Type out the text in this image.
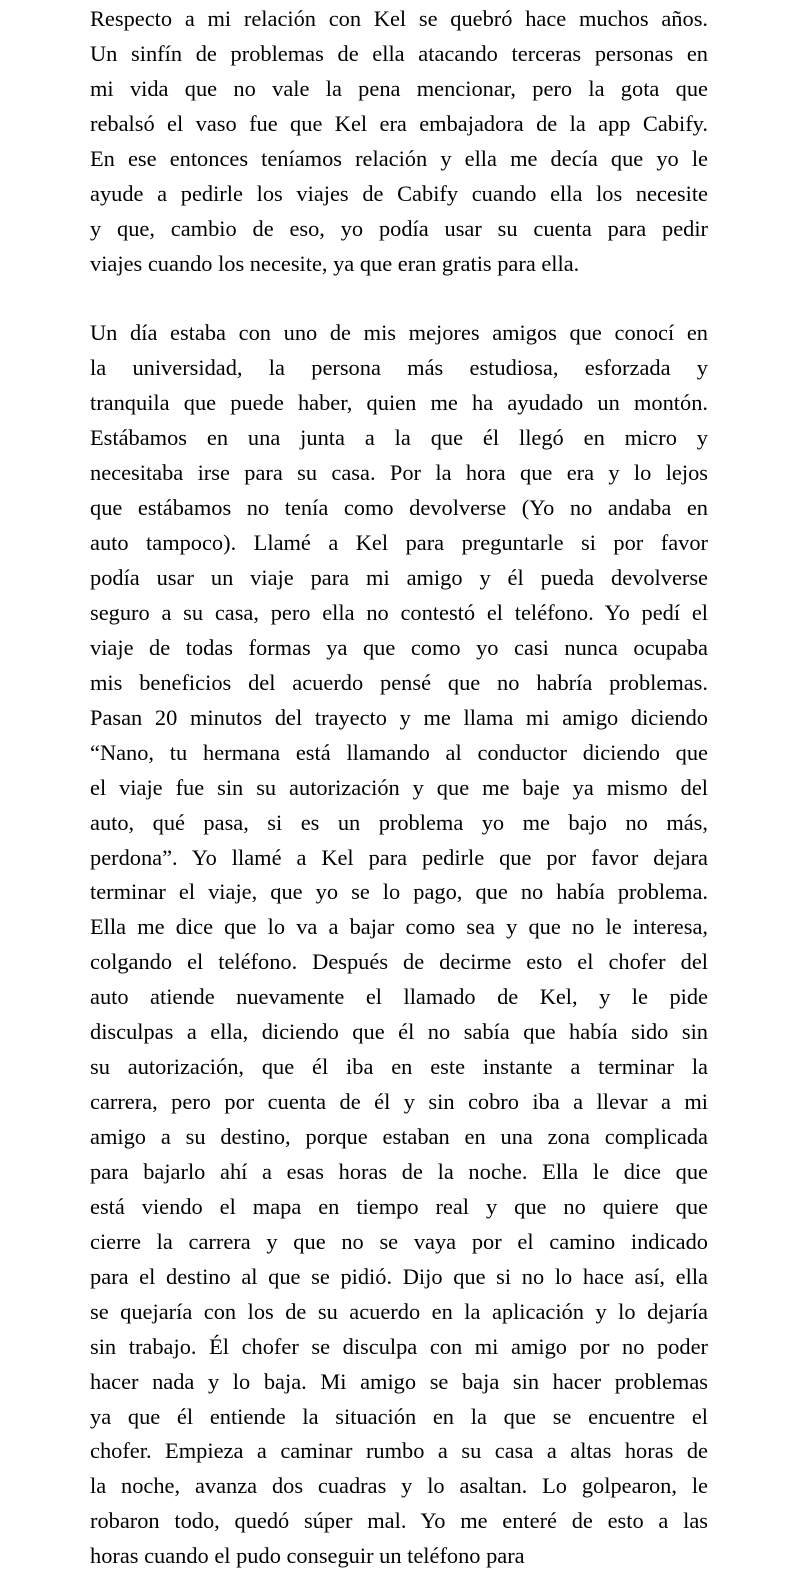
Respecto a mi relación con Kel se quebró hace muchos años.
Un sinfín de problemas de ella atacando terceras personas en
mi vida que no vale la pena mencionar, pero la gota que
rebalsó el vaso fue que Kel era embajadora de la app Cabify.
En ese entonces teníamos relación y ella me decía que yo le
ayude a pedirle los viajes de Cabify cuando ella los necesite
y que, cambio de eso, yo podía usar su cuenta para pedir
viajes cuando los necesite, ya que eran gratis para ella.
Un día estaba con uno de mis mejores amigos que conocí en
la universidad, la persona más estudiosa, esforzada y
tranquila que puede haber, quien me ha ayudado un montón.
Estábamos en una junta a la que él llegó en micro y
necesitaba irse para su casa. Por la hora que era y lo lejos
que estábamos no tenía como devolverse (Yo no andaba en
auto tampoco). Llamé a Kel para preguntarle si por favor
podía usar un viaje para mi amigo y él pueda devolverse
seguro a su casa, pero ella no contestó el teléfono. Yo pedí el
viaje de todas formas ya que como yo casi nunca ocupaba
mis beneficios del acuerdo pensé que no habría problemas.
Pasan 20 minutos del trayecto y me llama mi amigo diciendo
“Nano, tu hermana está llamando al conductor diciendo que
el viaje fue sin su autorización y que me baje ya mismo del
auto, qué pasa, si es un problema yo me bajo no más,
perdona”. Yo llamé a Kel para pedirle que por favor dejara
terminar el viaje, que yo se lo pago, que no había problema.
Ella me dice que lo va a bajar como sea y que no le interesa,
colgando el teléfono. Después de decirme esto el chofer del
auto atiende nuevamente el llamado de Kel, y le pide
disculpas a ella, diciendo que él no sabía que había sido sin
su autorización, que él iba en este instante a terminar la
carrera, pero por cuenta de él y sin cobro iba a llevar a mi
amigo a su destino, porque estaban en una zona complicada
para bajarlo ahí a esas horas de la noche. Ella le dice que
está viendo el mapa en tiempo real y que no quiere que
cierre la carrera y que no se vaya por el camino indicado
para el destino al que se pidió. Dijo que si no lo hace así, ella
se quejaría con los de su acuerdo en la aplicación y lo dejaría
sin trabajo. Él chofer se disculpa con mi amigo por no poder
hacer nada y lo baja. Mi amigo se baja sin hacer problemas
ya que él entiende la situación en la que se encuentre el
chofer. Empieza a caminar rumbo a su casa a altas horas de
la noche, avanza dos cuadras y lo asaltan. Lo golpearon, le
robaron todo, quedó súper mal. Yo me enteré de esto a las
horas cuando el pudo conseguir un teléfono para
